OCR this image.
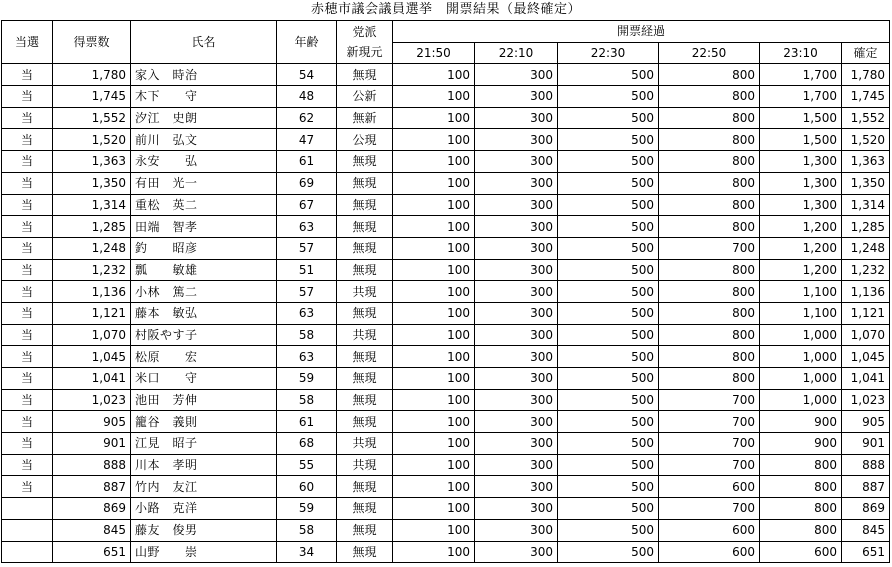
赤穂市議会議員選挙　開票結果（最終確定）
当選	得票数	氏名	年齢	党派
新現元	開票経過					
					21:50	22:10	22:30	22:50	23:10	確定
当	1,780	家入　時治	54	無現	100	300	500	800	1,700	1,780
当	1,745	木下　　守	48	公新	100	300	500	800	1,700	1,745
当	1,552	汐江　史朗	62	無新	100	300	500	800	1,500	1,552
当	1,520	前川　弘文	47	公現	100	300	500	800	1,500	1,520
当	1,363	永安　　弘	61	無現	100	300	500	800	1,300	1,363
当	1,350	有田　光一	69	無現	100	300	500	800	1,300	1,350
当	1,314	重松　英二	67	無現	100	300	500	800	1,300	1,314
当	1,285	田端　智孝	63	無現	100	300	500	800	1,200	1,285
当	1,248	釣　　昭彦	57	無現	100	300	500	700	1,200	1,248
当	1,232	瓢　　敏雄	51	無現	100	300	500	800	1,200	1,232
当	1,136	小林　篤二	57	共現	100	300	500	800	1,100	1,136
当	1,121	藤本　敏弘	63	無現	100	300	500	800	1,100	1,121
当	1,070	村阪やす子	58	共現	100	300	500	800	1,000	1,070
当	1,045	松原　　宏	63	無現	100	300	500	800	1,000	1,045
当	1,041	米口　　守	59	無現	100	300	500	800	1,000	1,041
当	1,023	池田　芳伸	58	無現	100	300	500	700	1,000	1,023
当	905	籠谷　義則	61	無現	100	300	500	700	900	905
当	901	江見　昭子	68	共現	100	300	500	700	900	901
当	888	川本　孝明	55	共現	100	300	500	700	800	888
当	887	竹内　友江	60	無現	100	300	500	600	800	887
	869	小路　克洋	59	無現	100	300	500	700	800	869
	845	藤友　俊男	58	無現	100	300	500	600	800	845
	651	山野　　崇	34	無現	100	300	500	600	600	651
